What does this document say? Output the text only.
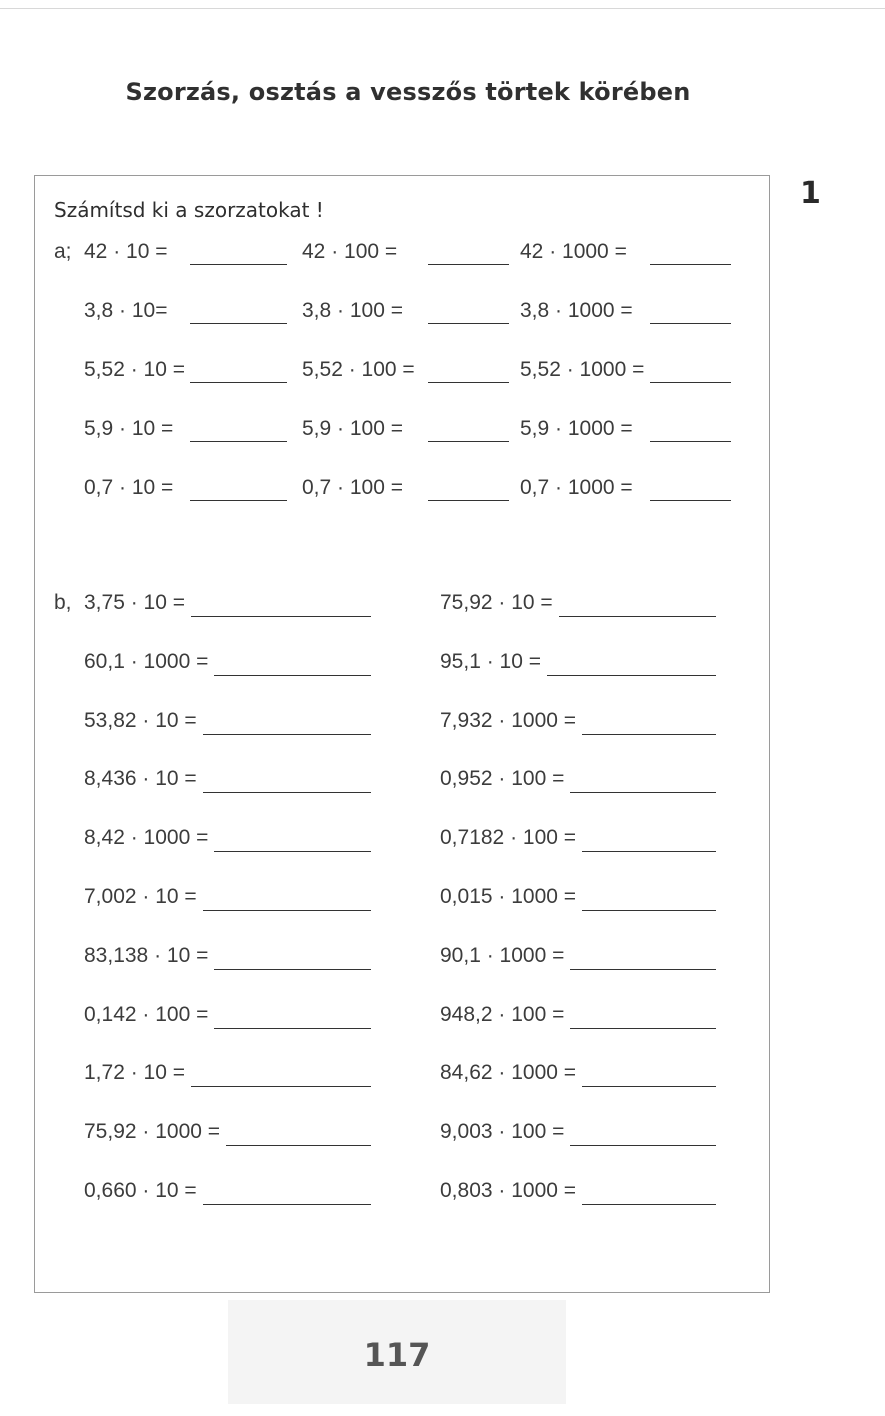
Szorzás, osztás a vesszős törtek körében
1
Számítsd ki a szorzatokat !
a; 42 · 10 =	42 · 100 =	42 · 1000 =
3,8 · 10=	3,8 · 100 =	3,8 · 1000 =
5,52 · 10 =	5,52 · 100 =	5,52 · 1000 =
5,9 · 10 =	5,9 · 100 =	5,9 · 1000 =
0,7 · 10 =	0,7 · 100 =	0,7 · 1000 =
b, 3,75 · 10 =	75,92 · 10 =
60,1 · 1000 =	95,1 · 10 =
53,82 · 10 =	7,932 · 1000 =
8,436 · 10 =	0,952 · 100 =
8,42 · 1000 =	0,7182 · 100 =
7,002 · 10 =	0,015 · 1000 =
83,138 · 10 =	90,1 · 1000 =
0,142 · 100 =	948,2 · 100 =
1,72 · 10 =	84,62 · 1000 =
75,92 · 1000 =	9,003 · 100 =
0,660 · 10 =	0,803 · 1000 =
117
